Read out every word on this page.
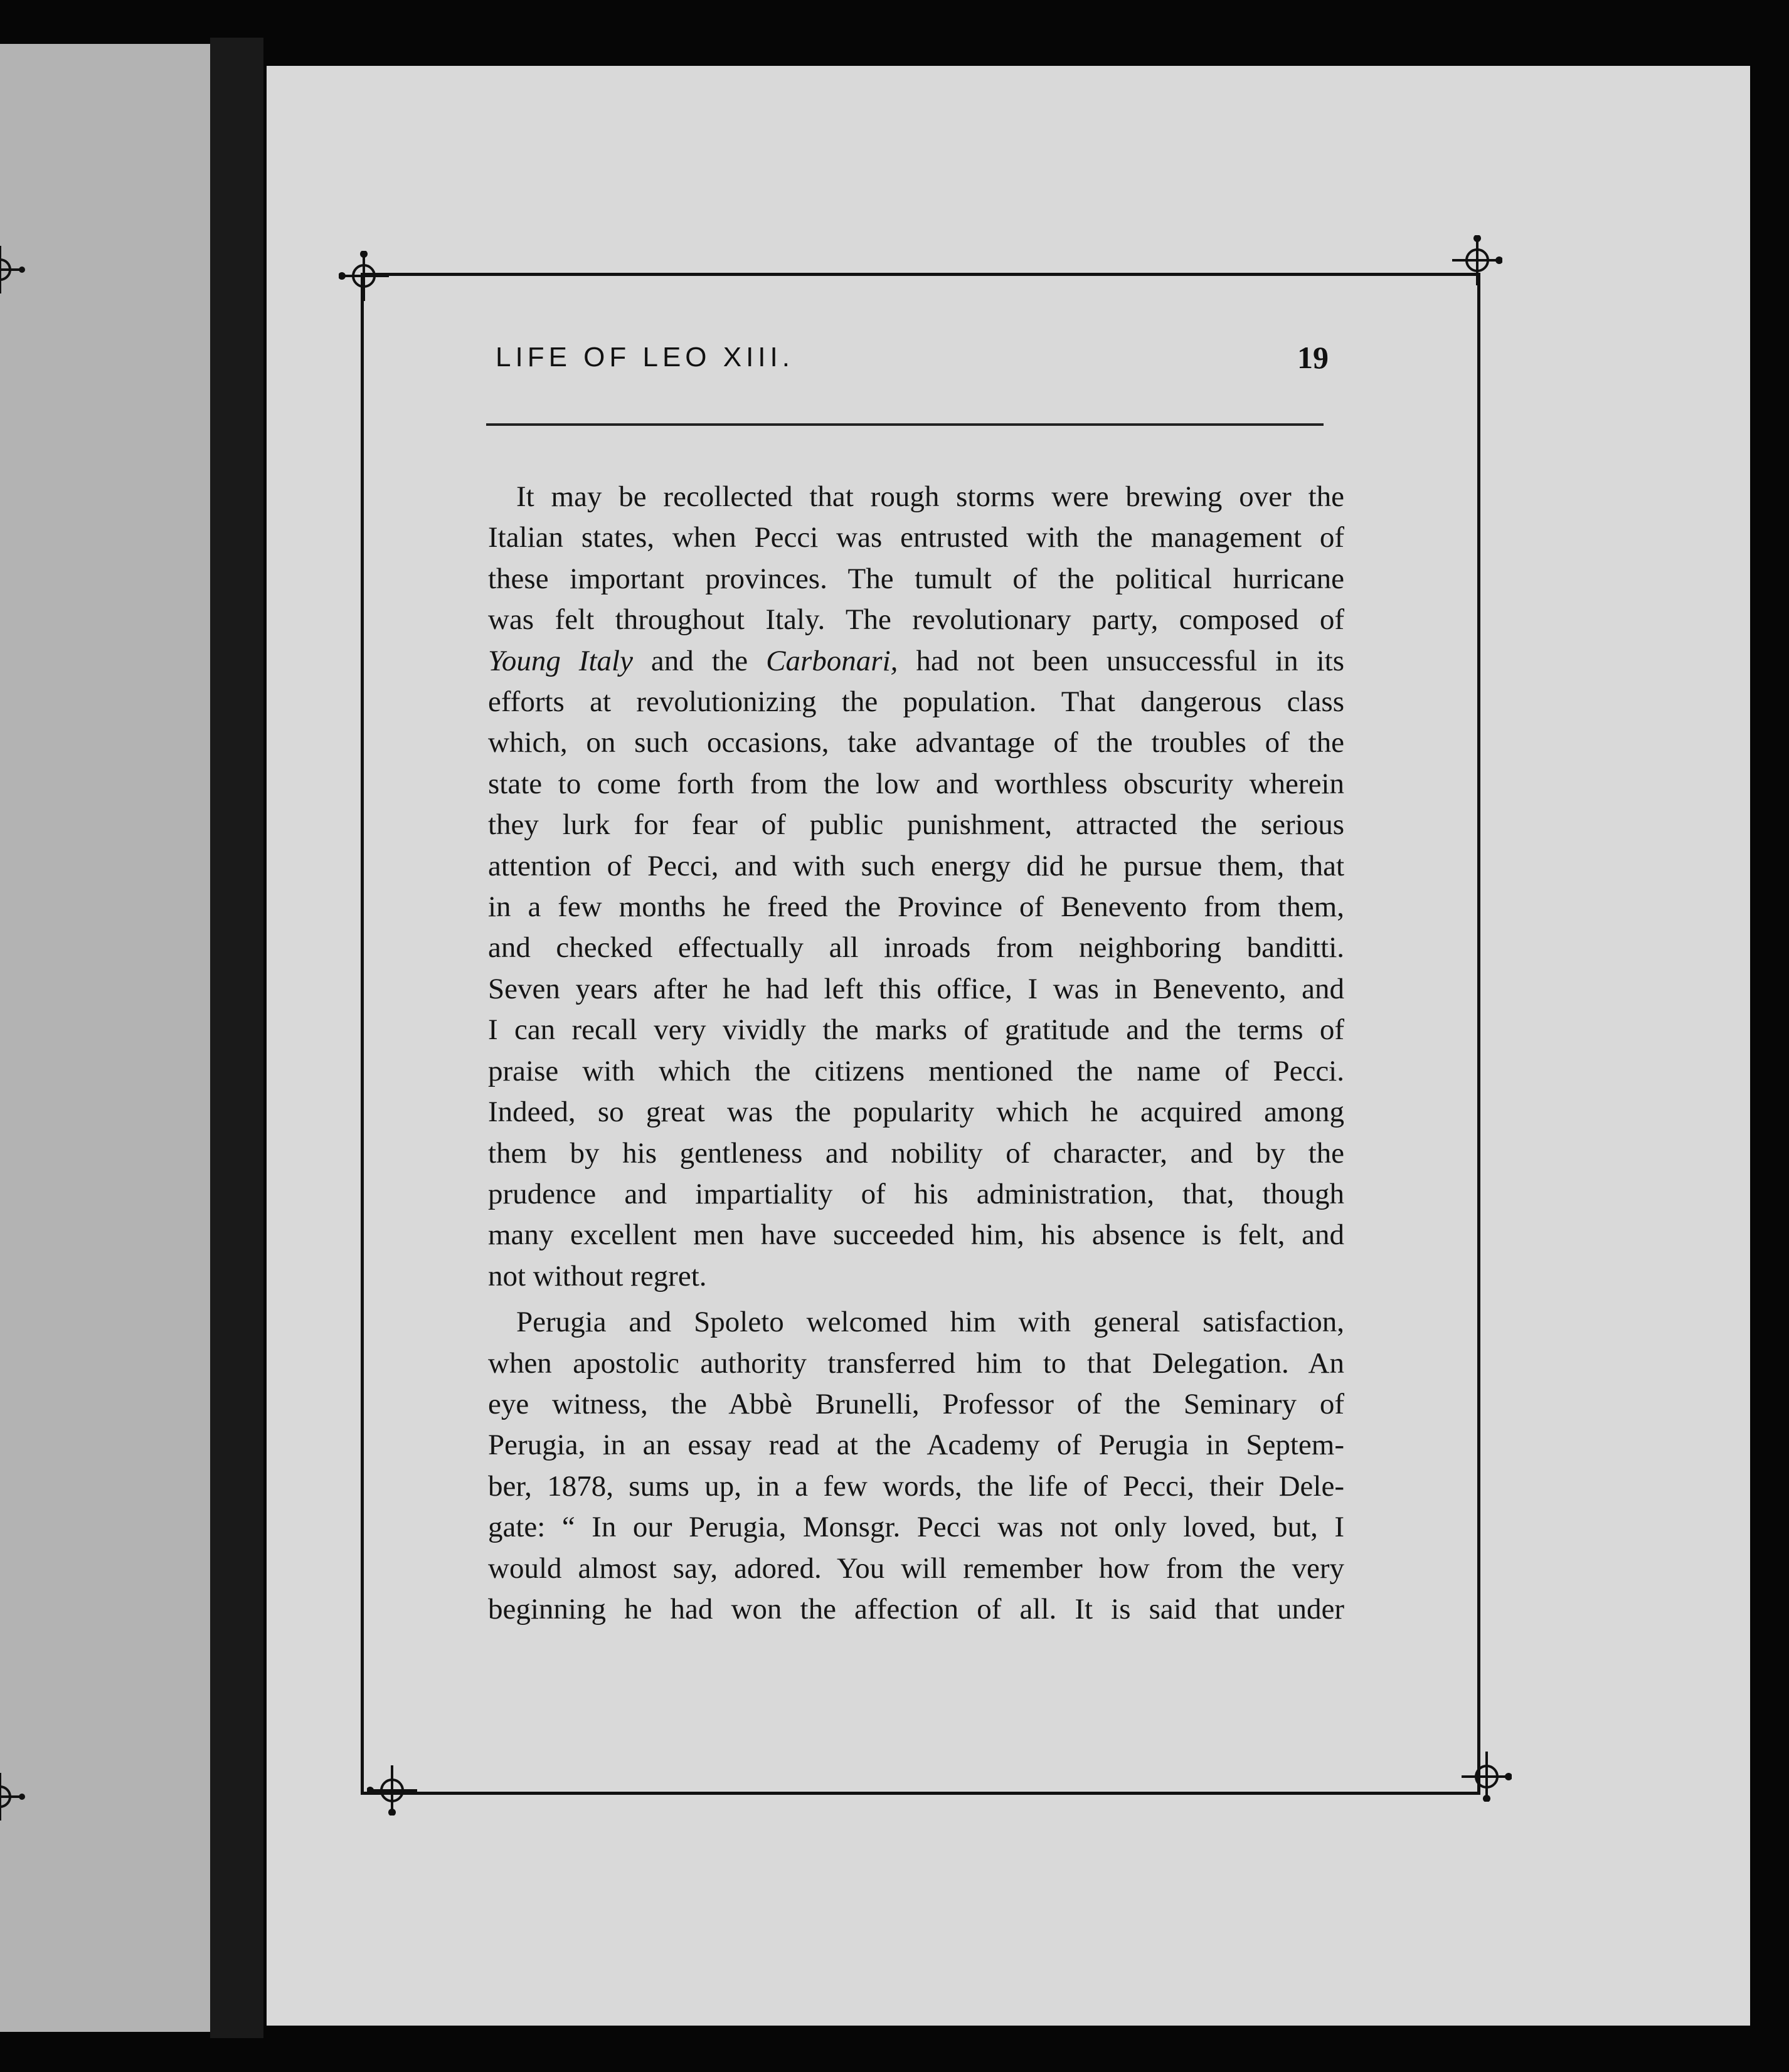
LIFE OF LEO XIII.	19

It may be recollected that rough storms were brewing over the
Italian states, when Pecci was entrusted with the management of
these important provinces. The tumult of the political hurricane
was felt throughout Italy. The revolutionary party, composed of
Young Italy and the Carbonari, had not been unsuccessful in its
efforts at revolutionizing the population. That dangerous class
which, on such occasions, take advantage of the troubles of the
state to come forth from the low and worthless obscurity wherein
they lurk for fear of public punishment, attracted the serious
attention of Pecci, and with such energy did he pursue them, that
in a few months he freed the Province of Benevento from them,
and checked effectually all inroads from neighboring banditti.
Seven years after he had left this office, I was in Benevento, and
I can recall very vividly the marks of gratitude and the terms of
praise with which the citizens mentioned the name of Pecci.
Indeed, so great was the popularity which he acquired among
them by his gentleness and nobility of character, and by the
prudence and impartiality of his administration, that, though
many excellent men have succeeded him, his absence is felt, and
not without regret.

Perugia and Spoleto welcomed him with general satisfaction,
when apostolic authority transferred him to that Delegation. An
eye witness, the Abbè Brunelli, Professor of the Seminary of
Perugia, in an essay read at the Academy of Perugia in Septem-
ber, 1878, sums up, in a few words, the life of Pecci, their Dele-
gate: “ In our Perugia, Monsgr. Pecci was not only loved, but, I
would almost say, adored. You will remember how from the very
beginning he had won the affection of all. It is said that under
